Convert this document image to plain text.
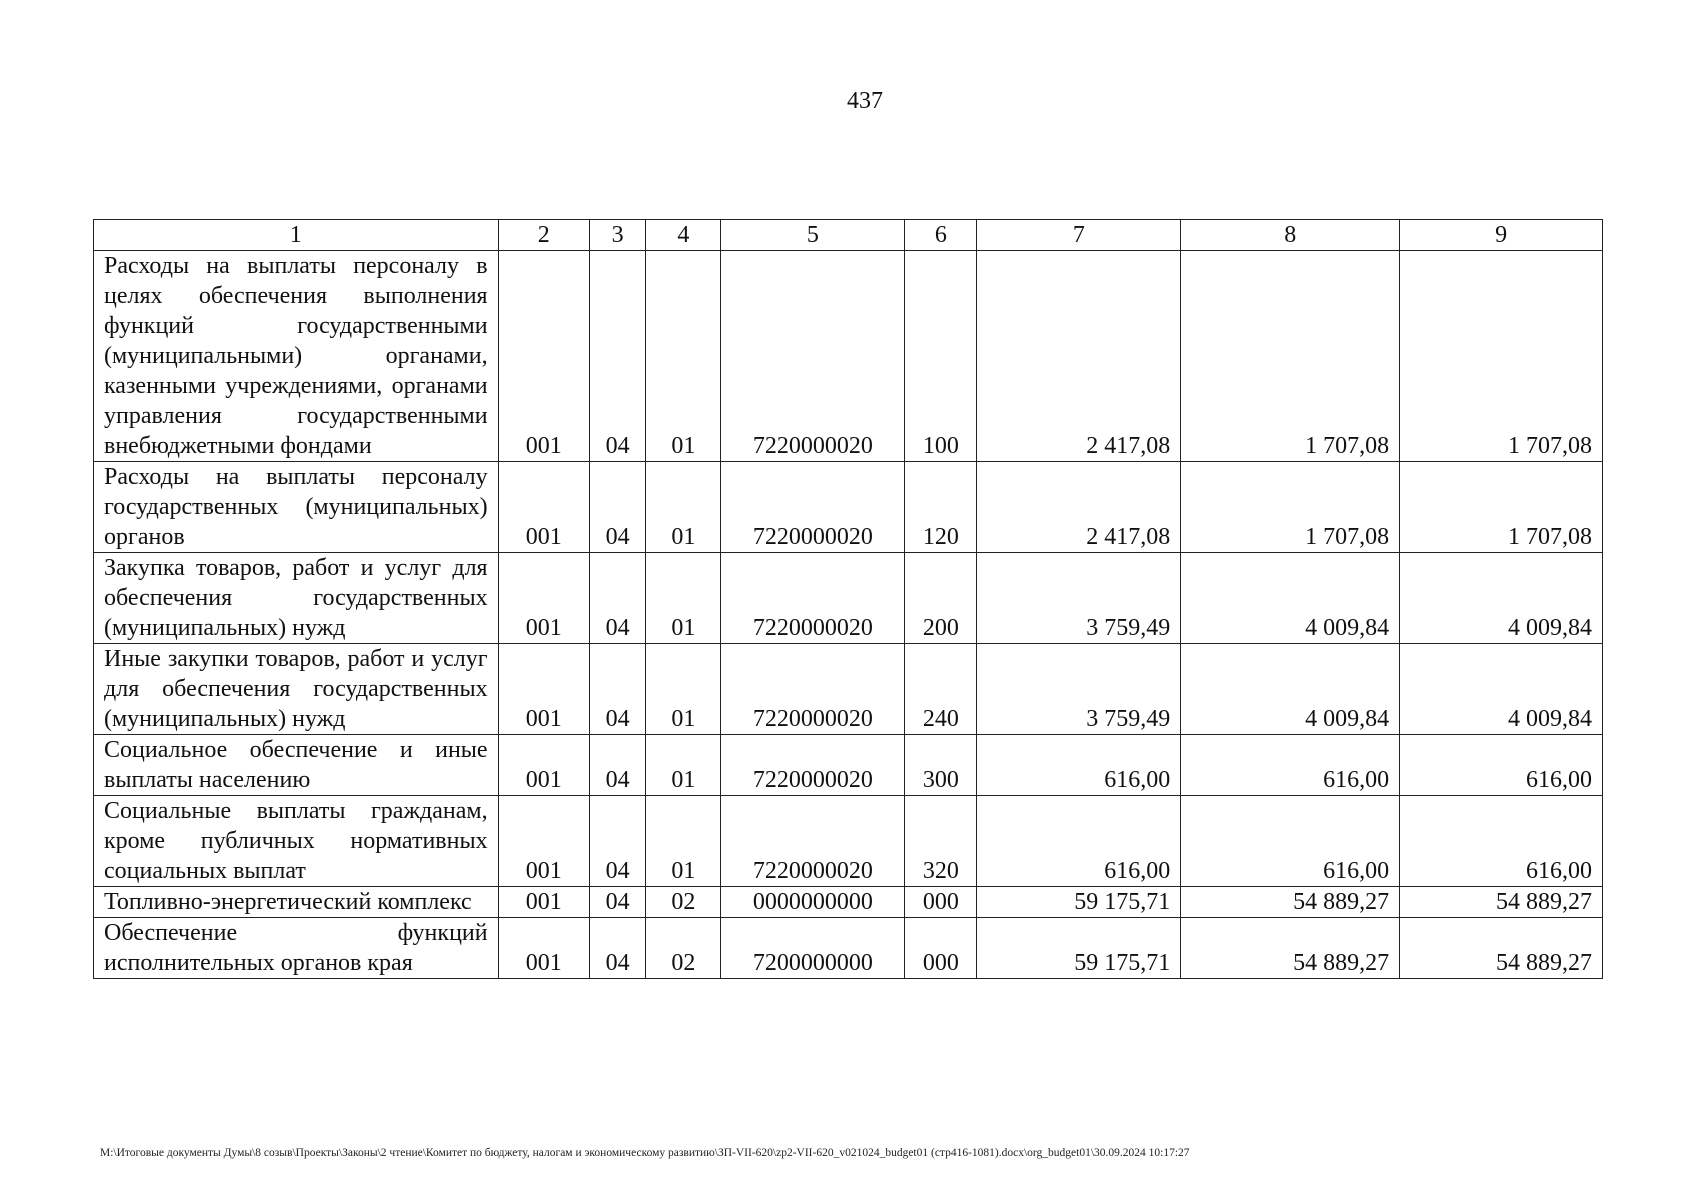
437
1	2	3	4	5	6	7	8	9
Расходы на выплаты персоналу в целях обеспечения выполнения функций государственными (муниципальными) органами, казенными учреждениями, органами управления государственными внебюджетными фондами	001	04	01	7220000020	100	2 417,08	1 707,08	1 707,08
Расходы на выплаты персоналу государственных (муниципальных) органов	001	04	01	7220000020	120	2 417,08	1 707,08	1 707,08
Закупка товаров, работ и услуг для обеспечения государственных (муниципальных) нужд	001	04	01	7220000020	200	3 759,49	4 009,84	4 009,84
Иные закупки товаров, работ и услуг для обеспечения государственных (муниципальных) нужд	001	04	01	7220000020	240	3 759,49	4 009,84	4 009,84
Социальное обеспечение и иные выплаты населению	001	04	01	7220000020	300	616,00	616,00	616,00
Социальные выплаты гражданам, кроме публичных нормативных социальных выплат	001	04	01	7220000020	320	616,00	616,00	616,00
Топливно-энергетический комплекс	001	04	02	0000000000	000	59 175,71	54 889,27	54 889,27
Обеспечение функций исполнительных органов края	001	04	02	7200000000	000	59 175,71	54 889,27	54 889,27
M:\Итоговые документы Думы\8 созыв\Проекты\Законы\2 чтение\Комитет по бюджету, налогам и экономическому развитию\ЗП-VII-620\zp2-VII-620_v021024_budget01 (стр416-1081).docx\org_budget01\30.09.2024 10:17:27
